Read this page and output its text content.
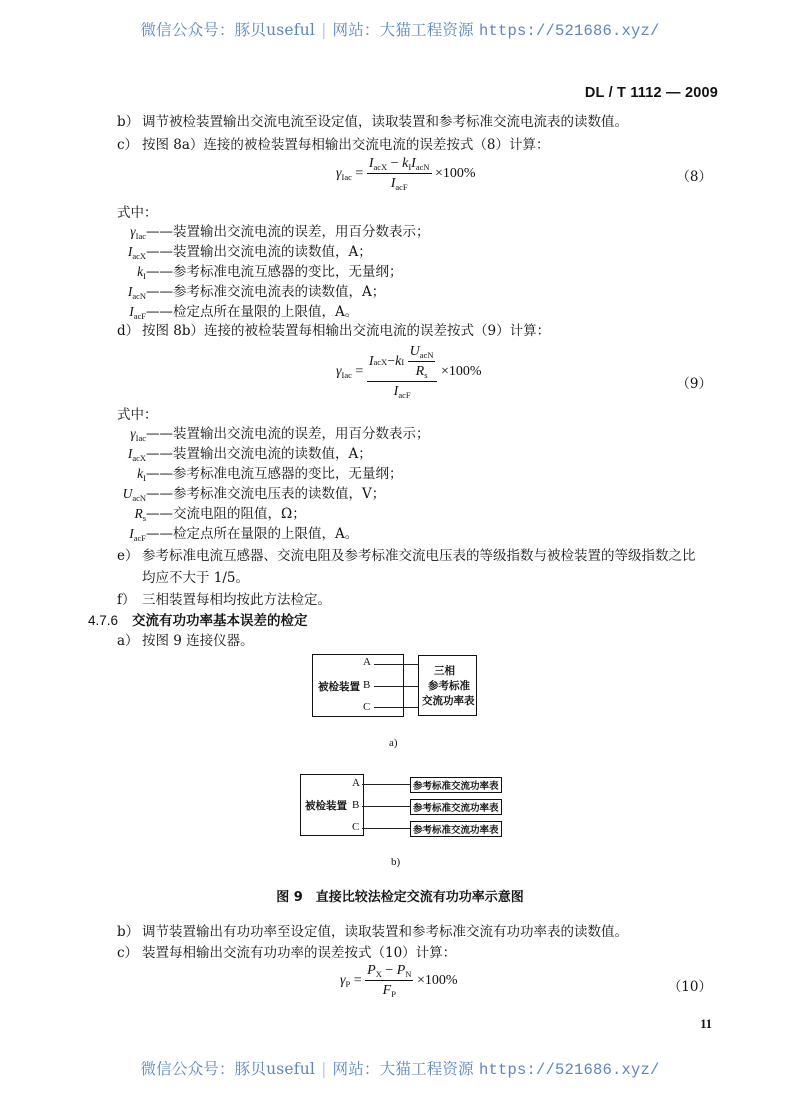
微信公众号：豚贝useful | 网站：大猫工程资源 https://521686.xyz/
DL / T 1112 — 2009
b） 调节被检装置输出交流电流至设定值，读取装置和参考标准交流电流表的读数值。
c） 按图 8a）连接的被检装置每相输出交流电流的误差按式（8）计算：
$\gamma_{Iac} = \frac{I_{acX} - k_II_{acN}}{I_{acF}} \times 100\%$	（8）
式中：
$\gamma_{Iac}——$装置输出交流电流的误差，用百分数表示；
$I_{acX}——$装置输出交流电流的读数值，A；
$k_I——$参考标准电流互感器的变比，无量纲；
$I_{acN}——$参考标准交流电流表的读数值，A；
$I_{acF}——$检定点所在量限的上限值，A。
d） 按图 8b）连接的被检装置每相输出交流电流的误差按式（9）计算：
$\gamma_{Iac} = I$ acX − k I
$\frac{U_{acN}}{R_s}$
$I_{acF} \times 100\%$
（9）
式中：
$\gamma_{Iac}——$装置输出交流电流的误差，用百分数表示；
$I_{acX}——$装置输出交流电流的读数值，A；
$k_I——$参考标准电流互感器的变比，无量纲；
$U_{acN}——$参考标准交流电压表的读数值，V；
$R_s——$交流电阻的阻值，Ω；
$I_{acF}——$检定点所在量限的上限值，A。
e） 参考标准电流互感器、交流电阻及参考标准交流电压表的等级指数与被检装置的等级指数之比
均应不大于 1/5。
f） 三相装置每相均按此方法检定。
4.7.6 交流有功功率基本误差的检定
a） 按图 9 连接仪器。
被检装置
A
B
C
三相
参考标准
交流功率表
a)
被检装置
A
B
C
参考标准交流功率表
参考标准交流功率表
参考标准交流功率表
b)
图 9　直接比较法检定交流有功功率示意图
b） 调节装置输出有功功率至设定值，读取装置和参考标准交流有功功率表的读数值。
c） 装置每相输出交流有功功率的误差按式（10）计算：
$\gamma_P = \frac{P_X - P_N}{F_P} \times 100\%$	（10）
11
微信公众号：豚贝useful | 网站：大猫工程资源 https://521686.xyz/
